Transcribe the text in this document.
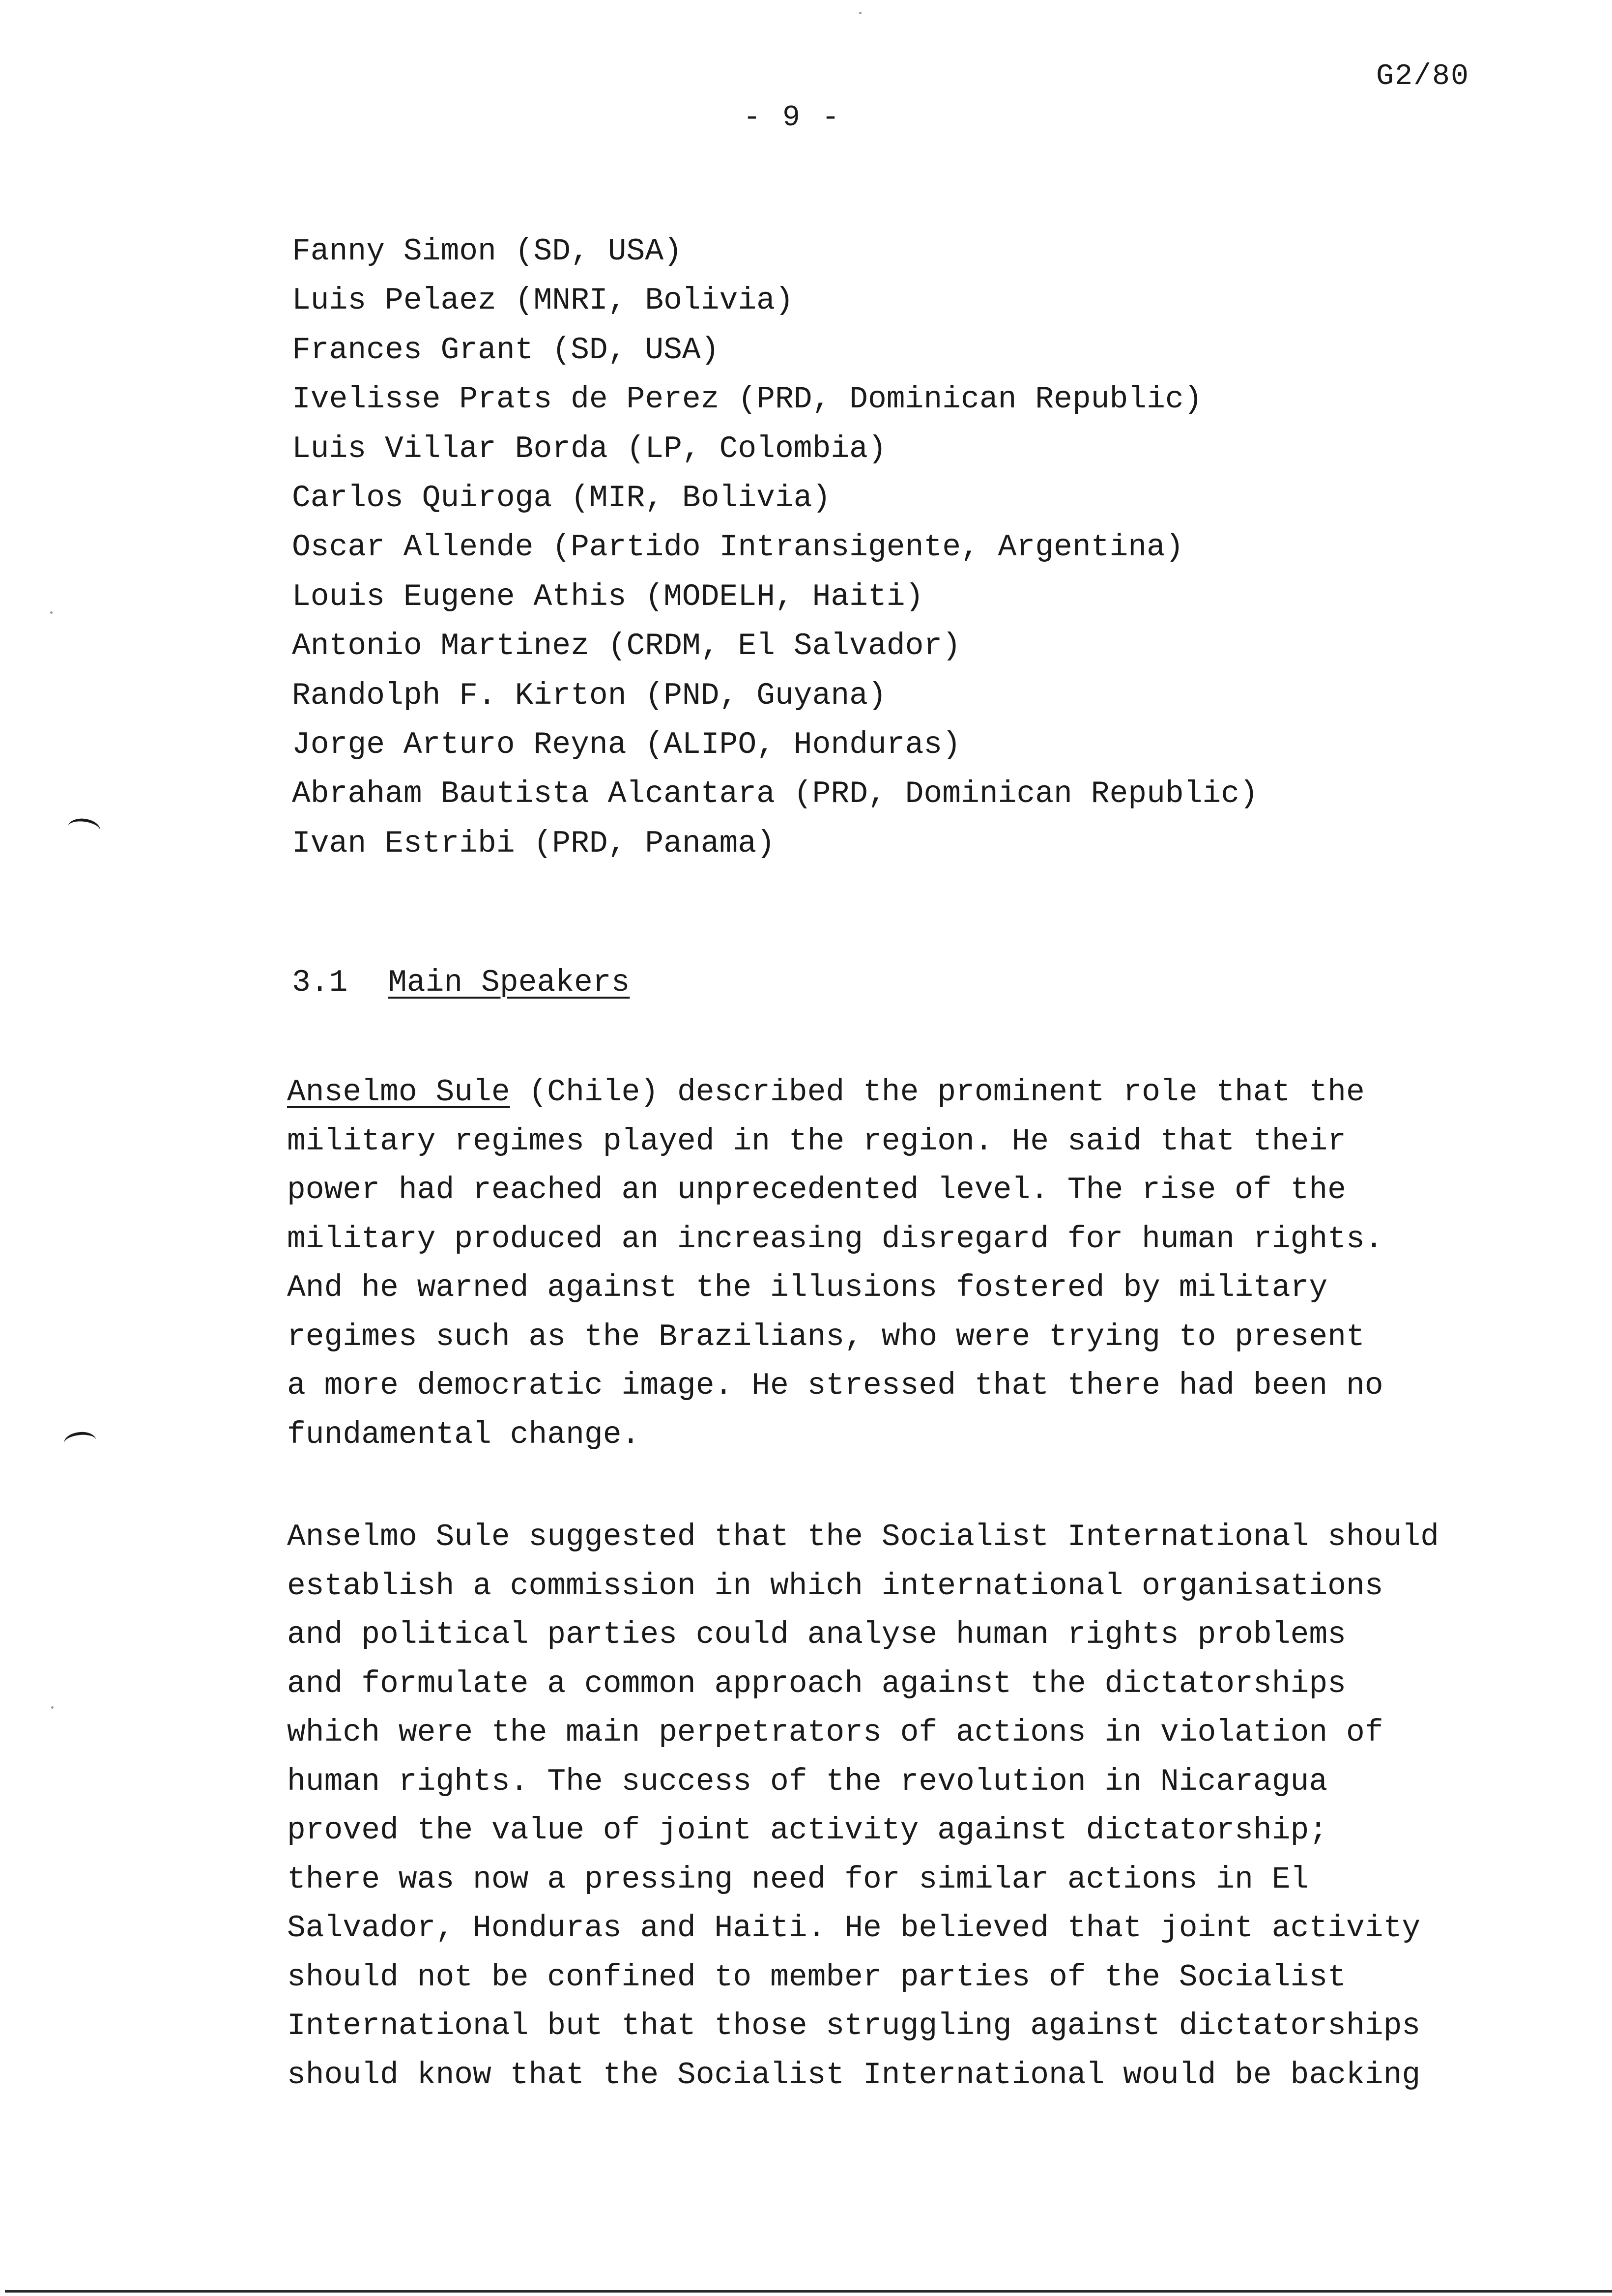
G2/80
- 9 -
Fanny Simon (SD, USA)
Luis Pelaez (MNRI, Bolivia)
Frances Grant (SD, USA)
Ivelisse Prats de Perez (PRD, Dominican Republic)
Luis Villar Borda (LP, Colombia)
Carlos Quiroga (MIR, Bolivia)
Oscar Allende (Partido Intransigente, Argentina)
Louis Eugene Athis (MODELH, Haiti)
Antonio Martinez (CRDM, El Salvador)
Randolph F. Kirton (PND, Guyana)
Jorge Arturo Reyna (ALIPO, Honduras)
Abraham Bautista Alcantara (PRD, Dominican Republic)
Ivan Estribi (PRD, Panama)
3.1 Main Speakers
Anselmo Sule (Chile) described the prominent role that the
military regimes played in the region. He said that their
power had reached an unprecedented level. The rise of the
military produced an increasing disregard for human rights.
And he warned against the illusions fostered by military
regimes such as the Brazilians, who were trying to present
a more democratic image. He stressed that there had been no
fundamental change.
Anselmo Sule suggested that the Socialist International should
establish a commission in which international organisations
and political parties could analyse human rights problems
and formulate a common approach against the dictatorships
which were the main perpetrators of actions in violation of
human rights. The success of the revolution in Nicaragua
proved the value of joint activity against dictatorship;
there was now a pressing need for similar actions in El
Salvador, Honduras and Haiti. He believed that joint activity
should not be confined to member parties of the Socialist
International but that those struggling against dictatorships
should know that the Socialist International would be backing
